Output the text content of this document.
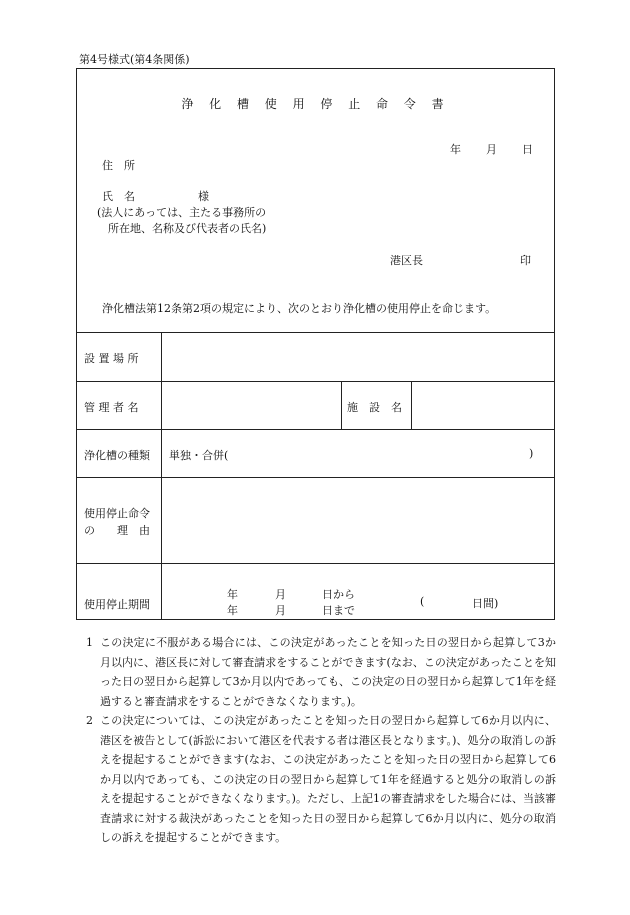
第4号様式(第4条関係)
浄 化 槽 使 用 停 止 命 令 書
年 月 日
住　所
氏　名	様
(法人にあっては、主たる事務所の
所在地、名称及び代表者の氏名)
港区長	印
浄化槽法第12条第2項の規定により、次のとおり浄化槽の使用停止を命じます。
設 置 場 所
管 理 者 名	施　設　名
浄化槽の種類 単独・合併(	)
使用停止命令
の　　理　由
使用停止期間
年	月	日から
年	月	日まで
(	日間)
1 この決定に不服がある場合には、この決定があったことを知った日の翌日から起算して3か月以内に、港区長に対して審査請求をすることができます(なお、この決定があったことを知った日の翌日から起算して3か月以内であっても、この決定の日の翌日から起算して1年を経過すると審査請求をすることができなくなります。)。
2 この決定については、この決定があったことを知った日の翌日から起算して6か月以内に、港区を被告として(訴訟において港区を代表する者は港区長となります。)、処分の取消しの訴えを提起することができます(なお、この決定があったことを知った日の翌日から起算して6か月以内であっても、この決定の日の翌日から起算して1年を経過すると処分の取消しの訴えを提起することができなくなります。)。ただし、上記1の審査請求をした場合には、当該審査請求に対する裁決があったことを知った日の翌日から起算して6か月以内に、処分の取消しの訴えを提起することができます。
